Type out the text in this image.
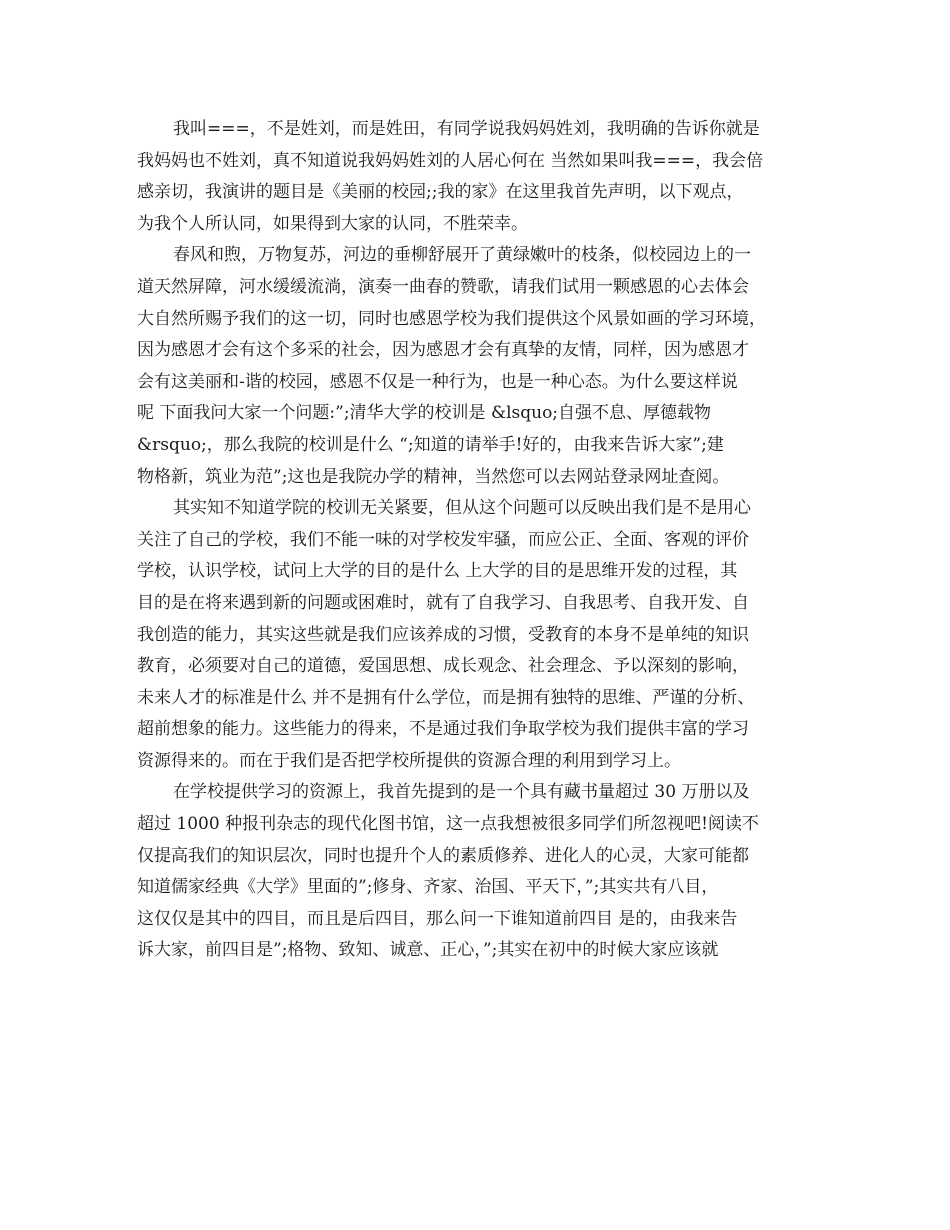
我叫===，不是姓刘，而是姓田，有同学说我妈妈姓刘，我明确的告诉你就是
我妈妈也不姓刘，真不知道说我妈妈姓刘的人居心何在 当然如果叫我===，我会倍
感亲切，我演讲的题目是《美丽的校园;;我的家》在这里我首先声明，以下观点，
为我个人所认同，如果得到大家的认同，不胜荣幸。
春风和煦，万物复苏，河边的垂柳舒展开了黄绿嫩叶的枝条，似校园边上的一
道天然屏障，河水缓缓流淌，演奏一曲春的赞歌，请我们试用一颗感恩的心去体会
大自然所赐予我们的这一切，同时也感恩学校为我们提供这个风景如画的学习环境，
因为感恩才会有这个多采的社会，因为感恩才会有真挚的友情，同样，因为感恩才
会有这美丽和-谐的校园，感恩不仅是一种行为，也是一种心态。为什么要这样说
呢 下面我问大家一个问题:”;清华大学的校训是 &lsquo;自强不息、厚德载物
&rsquo;，那么我院的校训是什么 “;知道的请举手!好的，由我来告诉大家”;建
物格新，筑业为范”;这也是我院办学的精神，当然您可以去网站登录网址查阅。
其实知不知道学院的校训无关紧要，但从这个问题可以反映出我们是不是用心
关注了自己的学校，我们不能一味的对学校发牢骚，而应公正、全面、客观的评价
学校，认识学校，试问上大学的目的是什么 上大学的目的是思维开发的过程，其
目的是在将来遇到新的问题或困难时，就有了自我学习、自我思考、自我开发、自
我创造的能力，其实这些就是我们应该养成的习惯，受教育的本身不是单纯的知识
教育，必须要对自己的道德，爱国思想、成长观念、社会理念、予以深刻的影响，
未来人才的标准是什么 并不是拥有什么学位，而是拥有独特的思维、严谨的分析、
超前想象的能力。这些能力的得来，不是通过我们争取学校为我们提供丰富的学习
资源得来的。而在于我们是否把学校所提供的资源合理的利用到学习上。
在学校提供学习的资源上，我首先提到的是一个具有藏书量超过 30 万册以及
超过 1000 种报刊杂志的现代化图书馆，这一点我想被很多同学们所忽视吧!阅读不
仅提高我们的知识层次，同时也提升个人的素质修养、进化人的心灵，大家可能都
知道儒家经典《大学》里面的”;修身、齐家、治国、平天下，”;其实共有八目，
这仅仅是其中的四目，而且是后四目，那么问一下谁知道前四目 是的，由我来告
诉大家，前四目是”;格物、致知、诚意、正心，”;其实在初中的时候大家应该就
